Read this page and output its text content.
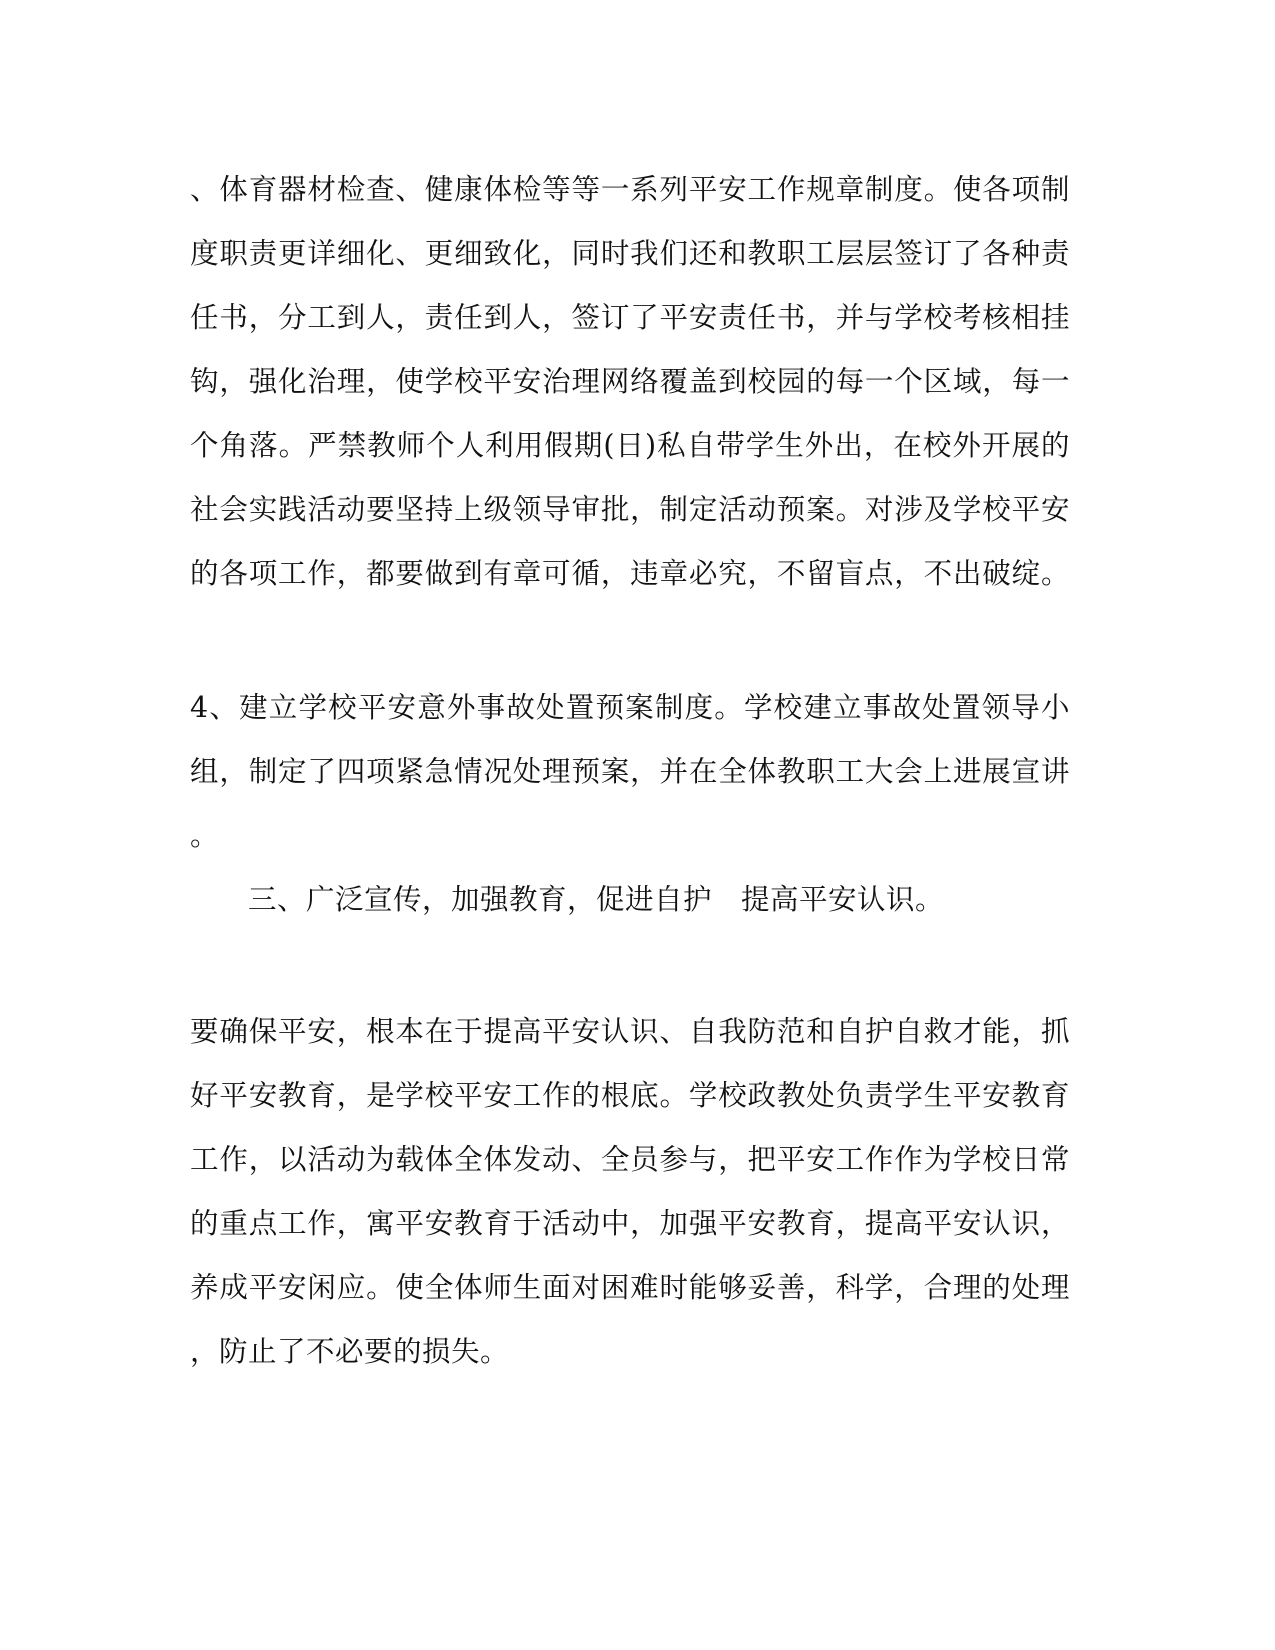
、体育器材检查、健康体检等等一系列平安工作规章制度。使各项制
度职责更详细化、更细致化，同时我们还和教职工层层签订了各种责
任书，分工到人，责任到人，签订了平安责任书，并与学校考核相挂
钩，强化治理，使学校平安治理网络覆盖到校园的每一个区域，每一
个角落。严禁教师个人利用假期(日)私自带学生外出，在校外开展的
社会实践活动要坚持上级领导审批，制定活动预案。对涉及学校平安
的各项工作，都要做到有章可循，违章必究，不留盲点，不出破绽。
4、建立学校平安意外事故处置预案制度。学校建立事故处置领导小
组，制定了四项紧急情况处理预案，并在全体教职工大会上进展宣讲
。
三、广泛宣传，加强教育，促进自护　提高平安认识。
要确保平安，根本在于提高平安认识、自我防范和自护自救才能，抓
好平安教育，是学校平安工作的根底。学校政教处负责学生平安教育
工作，以活动为载体全体发动、全员参与，把平安工作作为学校日常
的重点工作，寓平安教育于活动中，加强平安教育，提高平安认识，
养成平安闲应。使全体师生面对困难时能够妥善，科学，合理的处理
，防止了不必要的损失。
